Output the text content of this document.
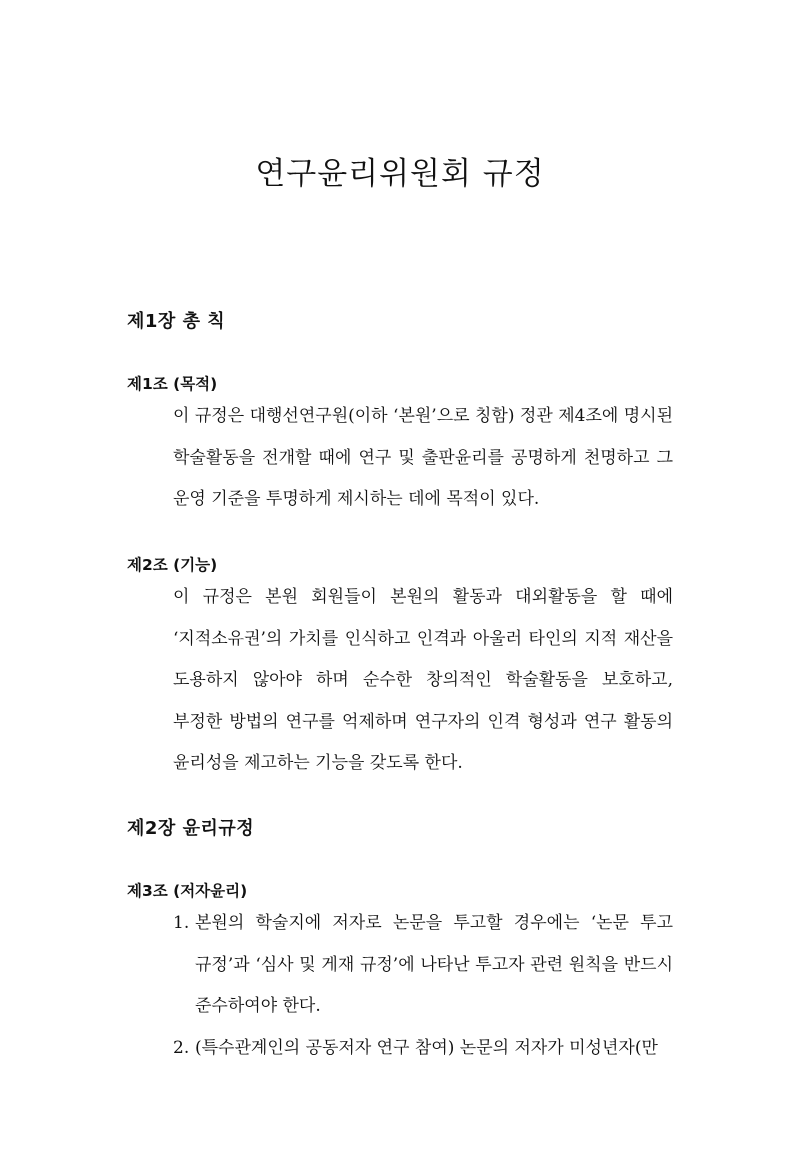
연구윤리위원회 규정
제1장 총 칙
제1조 (목적)

이 규정은 대행선연구원(이하 ‘본원’으로 칭함) 정관 제4조에 명시된 학술활동을 전개할 때에 연구 및 출판윤리를 공명하게 천명하고 그 운영 기준을 투명하게 제시하는 데에 목적이 있다.

제2조 (기능)

이 규정은 본원 회원들이 본원의 활동과 대외활동을 할 때에 ‘지적소유권’의 가치를 인식하고 인격과 아울러 타인의 지적 재산을 도용하지 않아야 하며 순수한 창의적인 학술활동을 보호하고, 부정한 방법의 연구를 억제하며 연구자의 인격 형성과 연구 활동의 윤리성을 제고하는 기능을 갖도록 한다.

제2장 윤리규정
제3조 (저자윤리)
1. 본원의 학술지에 저자로 논문을 투고할 경우에는 ‘논문 투고 규정’과 ‘심사 및 게재 규정’에 나타난 투고자 관련 원칙을 반드시 준수하여야 한다.
2. (특수관계인의 공동저자 연구 참여) 논문의 저자가 미성년자(만
